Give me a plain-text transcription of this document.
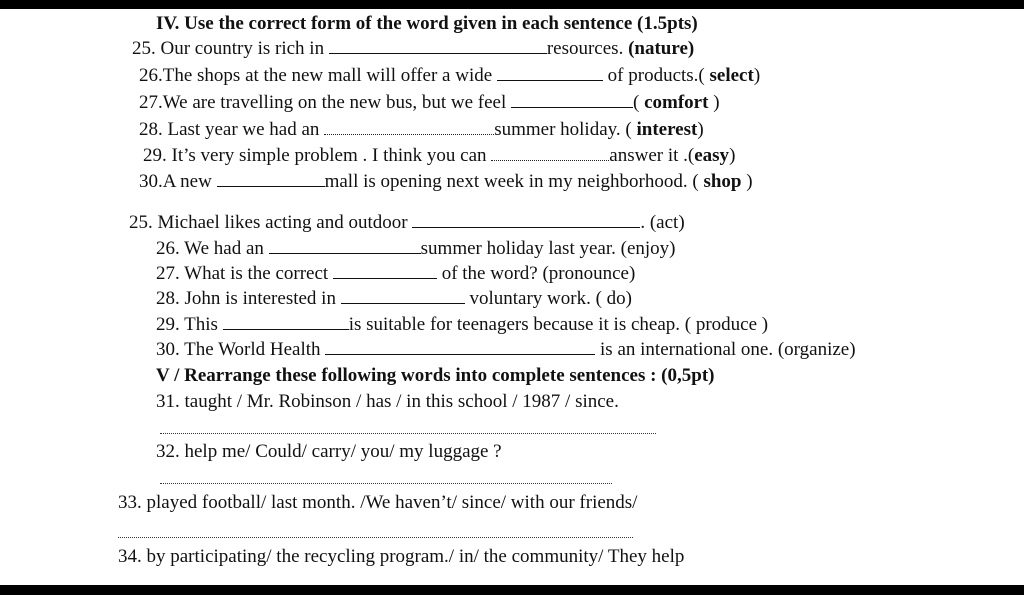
IV. Use the correct form of the word given in each sentence (1.5pts)
25. Our country is rich in	resources. (nature)
26.The shops at the new mall will offer a wide	of products.( select)
27.We are travelling on the new bus, but we feel	( comfort )
28. Last year we had an	summer holiday. ( interest)
29. It’s very simple problem . I think you can	answer it .(easy)
30.A new	mall is opening next week in my neighborhood. ( shop )
25. Michael likes acting and outdoor	. (act)
26. We had an	summer holiday last year. (enjoy)
27. What is the correct	of the word? (pronounce)
28. John is interested in	voluntary work. ( do)
29. This	is suitable for teenagers because it is cheap. ( produce )
30. The World Health	is an international one. (organize)
V / Rearrange these following words into complete sentences : (0,5pt)
31. taught / Mr. Robinson / has / in this school / 1987 / since.
32. help me/ Could/ carry/ you/ my luggage ?
33. played football/ last month. /We haven’t/ since/ with our friends/
34. by participating/ the recycling program./ in/ the community/ They help
